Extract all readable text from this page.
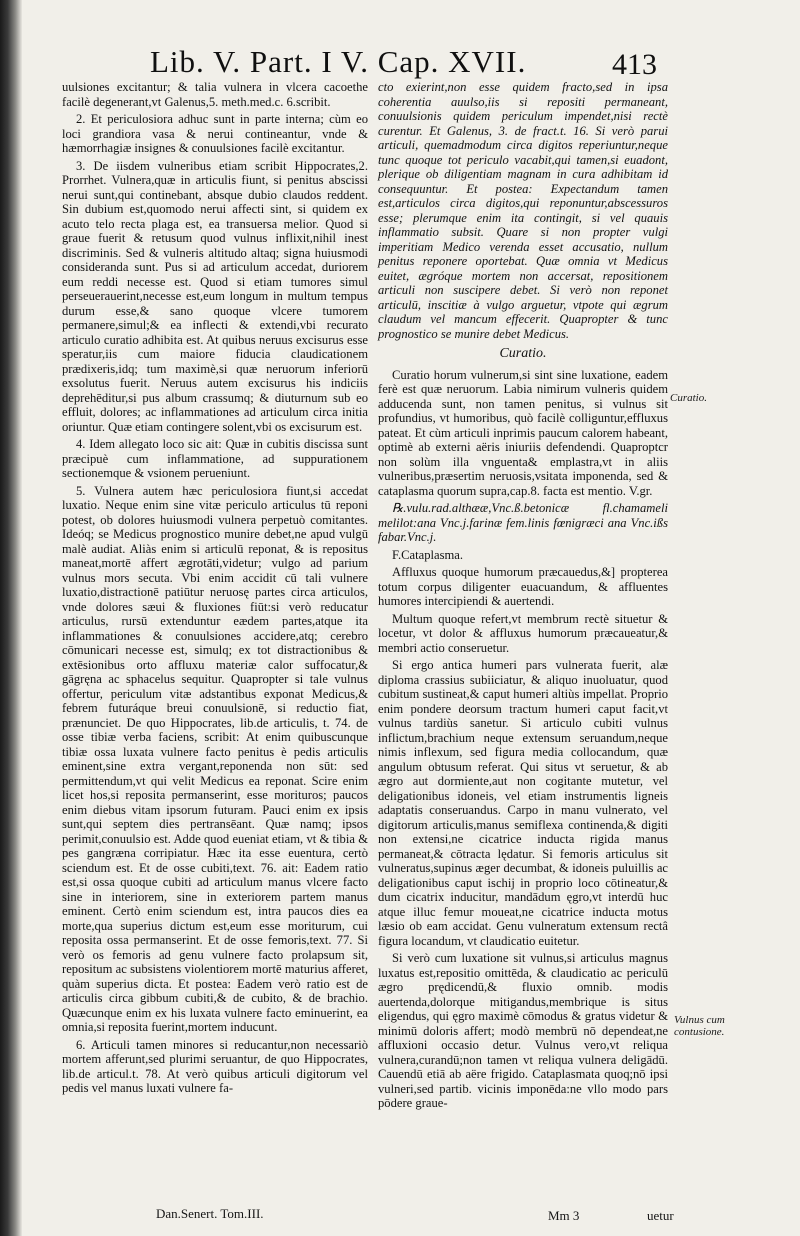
Lib. V. Part. I V. Cap. XVII.	413

uulsiones excitantur; & talia vulnera in vlcera cacoethe facilè degenerant,vt Galenus,5. meth.med.c. 6.scribit.

2. Et periculosiora adhuc sunt in parte interna; cùm eo loci grandiora vasa & nerui contineantur, vnde & hæmorrhagiæ insignes & conuulsiones facilè excitantur.

3. De iisdem vulneribus etiam scribit Hippocrates,2. Prorrhet. Vulnera,quæ in articulis fiunt, si penitus abscissi nerui sunt,qui continebant, absque dubio claudos reddent. Sin dubium est,quomodo nerui affecti sint, si quidem ex acuto telo recta plaga est, ea transuersa melior. Quod si graue fuerit & retusum quod vulnus inflixit,nihil inest discriminis. Sed & vulneris altitudo altaq; signa huiusmodi consideranda sunt. Pus si ad articulum accedat, duriorem eum reddi necesse est. Quod si etiam tumores simul perseuerauerint,necesse est,eum longum in multum tempus durum esse,& sano quoque vlcere tumorem permanere,simul;& ea inflecti & extendi,vbi recurato articulo curatio adhibita est. At quibus neruus excisurus esse speratur,iis cum maiore fiducia claudicationem prædixeris,idq; tum maximè,si quæ neruorum inferiorū exsolutus fuerit. Neruus autem excisurus his indiciis deprehēditur,si pus album crassumq; & diuturnum sub eo effluit, dolores; ac inflammationes ad articulum circa initia oriuntur. Quæ etiam contingere solent,vbi os excisurum est.

4. Idem allegato loco sic ait: Quæ in cubitis discissa sunt præcipuè cum inflammatione, ad suppurationem sectionemque & vsionem perueniunt.

5. Vulnera autem hæc periculosiora fiunt,si accedat luxatio. Neque enim sine vitæ periculo articulus tū reponi potest, ob dolores huiusmodi vulnera perpetuò comitantes. Ideóq; se Medicus prognostico munire debet,ne apud vulgū malè audiat. Aliàs enim si articulū reponat, & is repositus maneat,mortē affert ægrotāti,videtur; vulgo ad parium vulnus mors secuta. Vbi enim accidit cū tali vulnere luxatio,distractionē patiūtur neruosę partes circa articulos, vnde dolores sæui & fluxiones fiūt:si verò reducatur articulus, rursū extenduntur eædem partes,atque ita inflammationes & conuulsiones accidere,atq; cerebro cōmunicari necesse est, simulq; ex tot distractionibus & extēsionibus orto affluxu materiæ calor suffocatur,& gāgręna ac sphacelus sequitur. Quapropter si tale vulnus offertur, periculum vitæ adstantibus exponat Medicus,& febrem futuráque breui conuulsionē, si reductio fiat, prænunciet. De quo Hippocrates, lib.de articulis, t. 74. de osse tibiæ verba faciens, scribit: At enim quibuscunque tibiæ ossa luxata vulnere facto penitus è pedis articulis eminent,sine extra vergant,reponenda non sūt: sed permittendum,vt qui velit Medicus ea reponat. Scire enim licet hos,si reposita permanserint, esse morituros; paucos enim diebus vitam ipsorum futuram. Pauci enim ex ipsis sunt,qui septem dies pertransēant. Quæ namq; ipsos perimit,conuulsio est. Adde quod eueniat etiam, vt & tibia & pes gangræna corripiatur. Hæc ita esse euentura, certò sciendum est. Et de osse cubiti,text. 76. ait: Eadem ratio est,si ossa quoque cubiti ad articulum manus vlcere facto sine in interiorem, sine in exteriorem partem manus eminent. Certò enim sciendum est, intra paucos dies ea morte,qua superius dictum est,eum esse moriturum, cui reposita ossa permanserint. Et de osse femoris,text. 77. Si verò os femoris ad genu vulnere facto prolapsum sit, repositum ac subsistens violentiorem mortē maturius afferet, quàm superius dicta. Et postea: Eadem verò ratio est de articulis circa gibbum cubiti,& de cubito, & de brachio. Quæcunque enim ex his luxata vulnere facto eminuerint, ea omnia,si reposita fuerint,mortem inducunt.

6. Articuli tamen minores si reducantur,non necessariò mortem afferunt,sed plurimi seruantur, de quo Hippocrates, lib.de articul.t. 78. At verò quibus articuli digitorum vel pedis vel manus luxati vulnere fa-

cto exierint,non esse quidem fracto,sed in ipsa coherentia auulso,iis si repositi permaneant, conuulsionis quidem periculum impendet,nisi rectè curentur. Et Galenus, 3. de fract.t. 16. Si verò parui articuli, quemadmodum circa digitos reperiuntur,neque tunc quoque tot periculo vacabit,qui tamen,si euadont, plerique ob diligentiam magnam in cura adhibitam id consequuntur. Et postea: Expectandum tamen est,articulos circa digitos,qui reponuntur,abscessuros esse; plerumque enim ita contingit, si vel quauis inflammatio subsit. Quare si non propter vulgi imperitiam Medico verenda esset accusatio, nullum penitus reponere oportebat. Quæ omnia vt Medicus euitet, ægróque mortem non accersat, repositionem articuli non suscipere debet. Si verò non reponet articulū, inscitiæ à vulgo arguetur, vtpote qui ægrum claudum vel mancum effecerit. Quapropter & tunc prognostico se munire debet Medicus.

Curatio.

Curatio horum vulnerum,si sint sine luxatione, eadem ferè est quæ neruorum. Labia nimirum vulneris quidem adducenda sunt, non tamen penitus, si vulnus sit profundius, vt humoribus, quò facilè colliguntur,effluxus pateat. Et cùm articuli inprimis paucum calorem habeant, optimè ab externi aëris iniuriis defendendi. Quaproptcr non solùm illa vnguenta& emplastra,vt in aliis vulneribus,præsertim neruosis,vsitata imponenda, sed & cataplasma quorum supra,cap.8. facta est mentio. V.gr.

℞.vulu.rad.althææ,Vnc.ß.betonicæ fl.chamameli melilot:ana Vnc.j.farinæ fem.linis fœnigræci ana Vnc.ißs fabar.Vnc.j.

F.Cataplasma.

Affluxus quoque humorum præcauedus,&] propterea totum corpus diligenter euacuandum, & affluentes humores intercipiendi & auertendi.

Multum quoque refert,vt membrum rectè situetur & locetur, vt dolor & affluxus humorum præcaueatur,& membri actio conseruetur.

Si ergo antica humeri pars vulnerata fuerit, alæ diploma crassius subiiciatur, & aliquo inuoluatur, quod cubitum sustineat,& caput humeri altiùs impellat. Proprio enim pondere deorsum tractum humeri caput facit,vt vulnus tardiùs sanetur. Si articulo cubiti vulnus inflictum,brachium neque extensum seruandum,neque nimis inflexum, sed figura media collocandum, quæ angulum obtusum referat. Qui situs vt seruetur, & ab ægro aut dormiente,aut non cogitante mutetur, vel deligationibus idoneis, vel etiam instrumentis ligneis adaptatis conseruandus. Carpo in manu vulnerato, vel digitorum articulis,manus semiflexa continenda,& digiti non extensi,ne cicatrice inducta rigida manus permaneat,& cōtracta lędatur. Si femoris articulus sit vulneratus,supinus æger decumbat, & idoneis puluillis ac deligationibus caput ischij in proprio loco cōtineatur,& dum cicatrix inducitur, mandādum ęgro,vt interdū huc atque illuc femur moueat,ne cicatrice inducta motus læsio ob eam accidat. Genu vulneratum extensum rectâ figura locandum, vt claudicatio euitetur.

Si verò cum luxatione sit vulnus,si articulus magnus luxatus est,repositio omittēda, & claudicatio ac periculū ægro prędicendū,& fluxio omnib. modis auertenda,dolorque mitigandus,membrique is situs eligendus, qui ęgro maximè cōmodus & gratus videtur & minimū doloris affert; modò membrū nō dependeat,ne affluxioni occasio detur. Vulnus vero,vt reliqua vulnera,curandū;non tamen vt reliqua vulnera deligādū. Cauendū etiā ab aëre frigido. Cataplasmata quoq;nō ipsi vulneri,sed partib. vicinis imponēda:ne vllo modo pars pōdere graue-

Curatio.
Vulnus cum contusione.
Dan.Senert. Tom.III.	Mm 3	uetur
